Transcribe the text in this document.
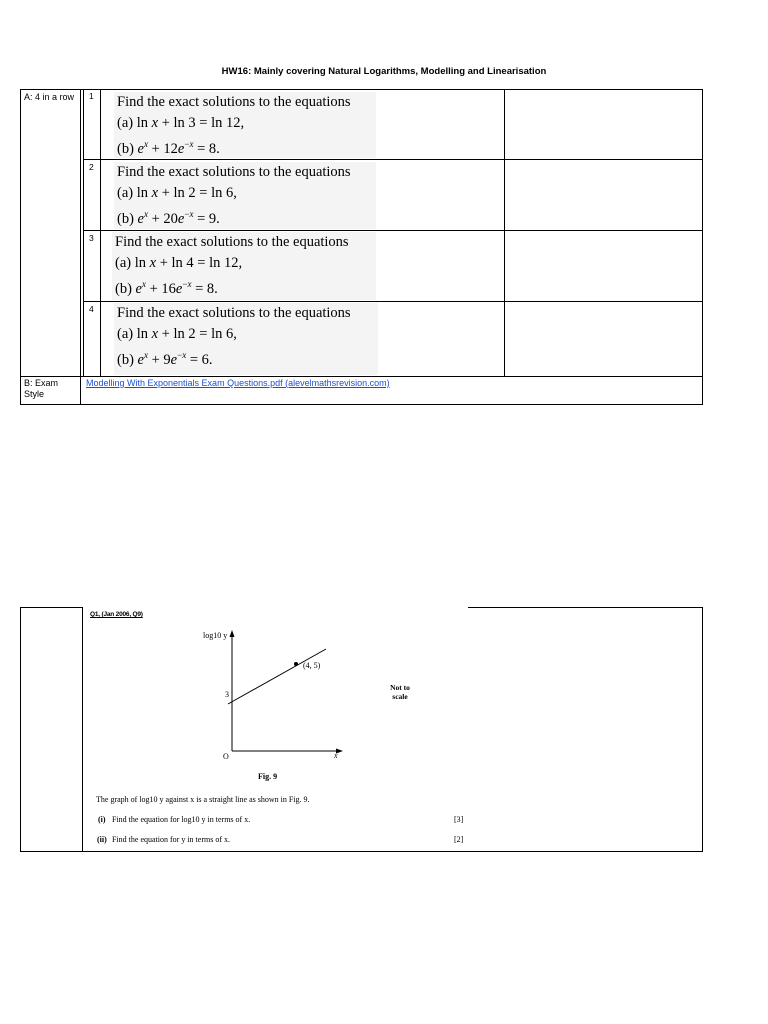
HW16: Mainly covering Natural Logarithms, Modelling and Linearisation
A: 4 in a row 1 Find the exact solutions to the equations
(a) ln x + ln 3 = ln 12,
(b) $e^x + 12e^{-x} = 8$.
2 Find the exact solutions to the equations
(a) ln x + ln 2 = ln 6,
(b) $e^x + 20e^{-x} = 9$.
3 Find the exact solutions to the equations
(a) ln x + ln 4 = ln 12,
(b) $e^x + 16e^{-x} = 8$.
4 Find the exact solutions to the equations
(a) ln x + ln 2 = ln 6,
(b) $e^x + 9e^{-x} = 6$.
B: Exam Style
Modelling With Exponentials Exam Questions.pdf (alevelmathsrevision.com)
Q1, (Jan 2006, Q9)
log10 y
(4, 5)
3
O	x
Not to scale
Fig. 9
The graph of log10 y against x is a straight line as shown in Fig. 9.
(i) Find the equation for log10 y in terms of x.	[3]
(ii) Find the equation for y in terms of x.	[2]
